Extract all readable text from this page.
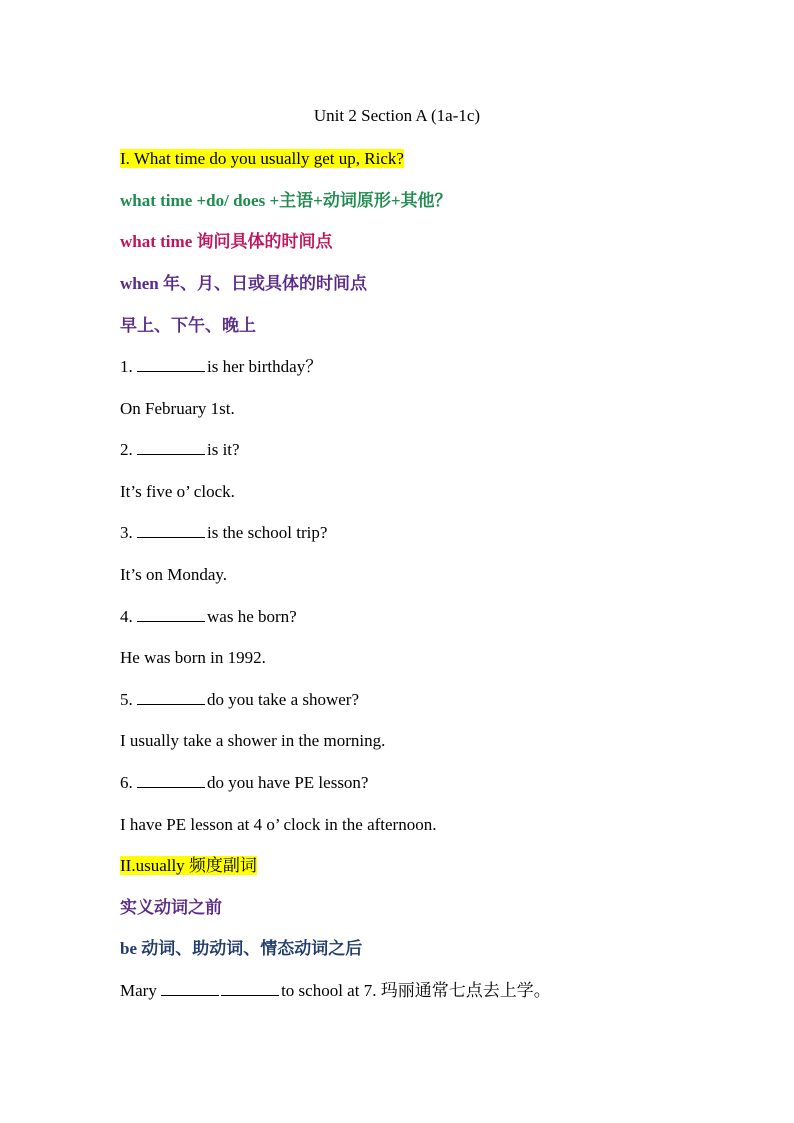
Unit 2 Section A (1a-1c)
I. What time do you usually get up, Rick?
what time +do/ does +主语+动词原形+其他？
what time 询问具体的时间点
when 年、月、日或具体的时间点
早上、下午、晚上
1.	is her birthday？
On February 1st.
2.	is it?
It’s five o’ clock.
3.	is the school trip?
It’s on Monday.
4.	was he born?
He was born in 1992.
5.	do you take a shower?
I usually take a shower in the morning.
6.	do you have PE lesson?
I have PE lesson at 4 o’ clock in the afternoon.
II.usually 频度副词
实义动词之前
be 动词、助动词、情态动词之后
Mary	to school at 7. 玛丽通常七点去上学。
